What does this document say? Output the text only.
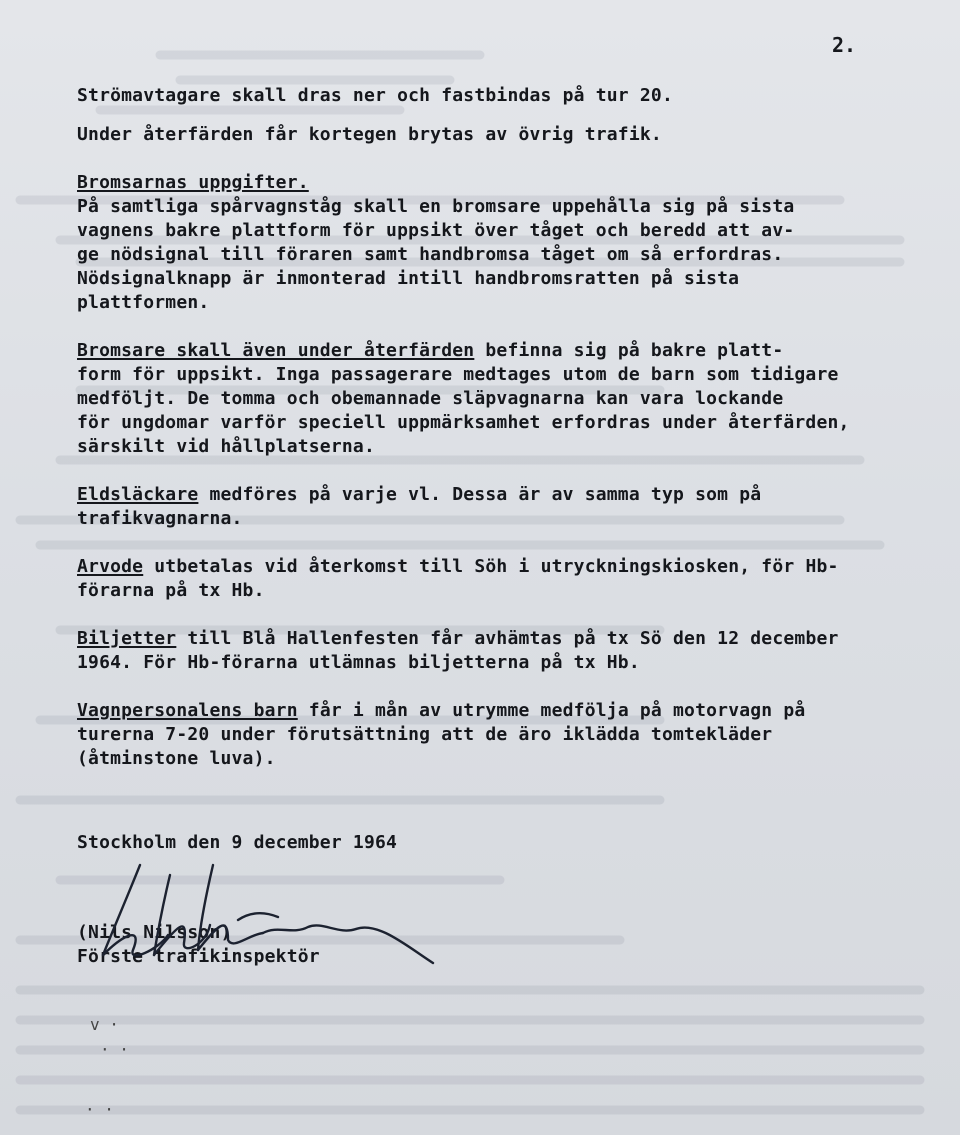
2.
Strömavtagare skall dras ner och fastbindas på tur 20.
Under återfärden får kortegen brytas av övrig trafik.
Bromsarnas uppgifter.
På samtliga spårvagnståg skall en bromsare uppehålla sig på sista
vagnens bakre plattform för uppsikt över tåget och beredd att av-
ge nödsignal till föraren samt handbromsa tåget om så erfordras.
Nödsignalknapp är inmonterad intill handbromsratten på sista
plattformen.
Bromsare skall även under återfärden befinna sig på bakre platt-
form för uppsikt. Inga passagerare medtages utom de barn som tidigare
medföljt. De tomma och obemannade släpvagnarna kan vara lockande
för ungdomar varför speciell uppmärksamhet erfordras under återfärden,
särskilt vid hållplatserna.
Eldsläckare medföres på varje vl. Dessa är av samma typ som på
trafikvagnarna.
Arvode utbetalas vid återkomst till Söh i utryckningskiosken, för Hb-
förarna på tx Hb.
Biljetter till Blå Hallenfesten får avhämtas på tx Sö den 12 december
1964. För Hb-förarna utlämnas biljetterna på tx Hb.
Vagnpersonalens barn får i mån av utrymme medfölja på motorvagn på
turerna 7-20 under förutsättning att de äro iklädda tomtekläder
(åtminstone luva).
Stockholm den 9 december 1964
(Nils Nilsson)
Förste trafikinspektör
v ·
· ·
· ·
